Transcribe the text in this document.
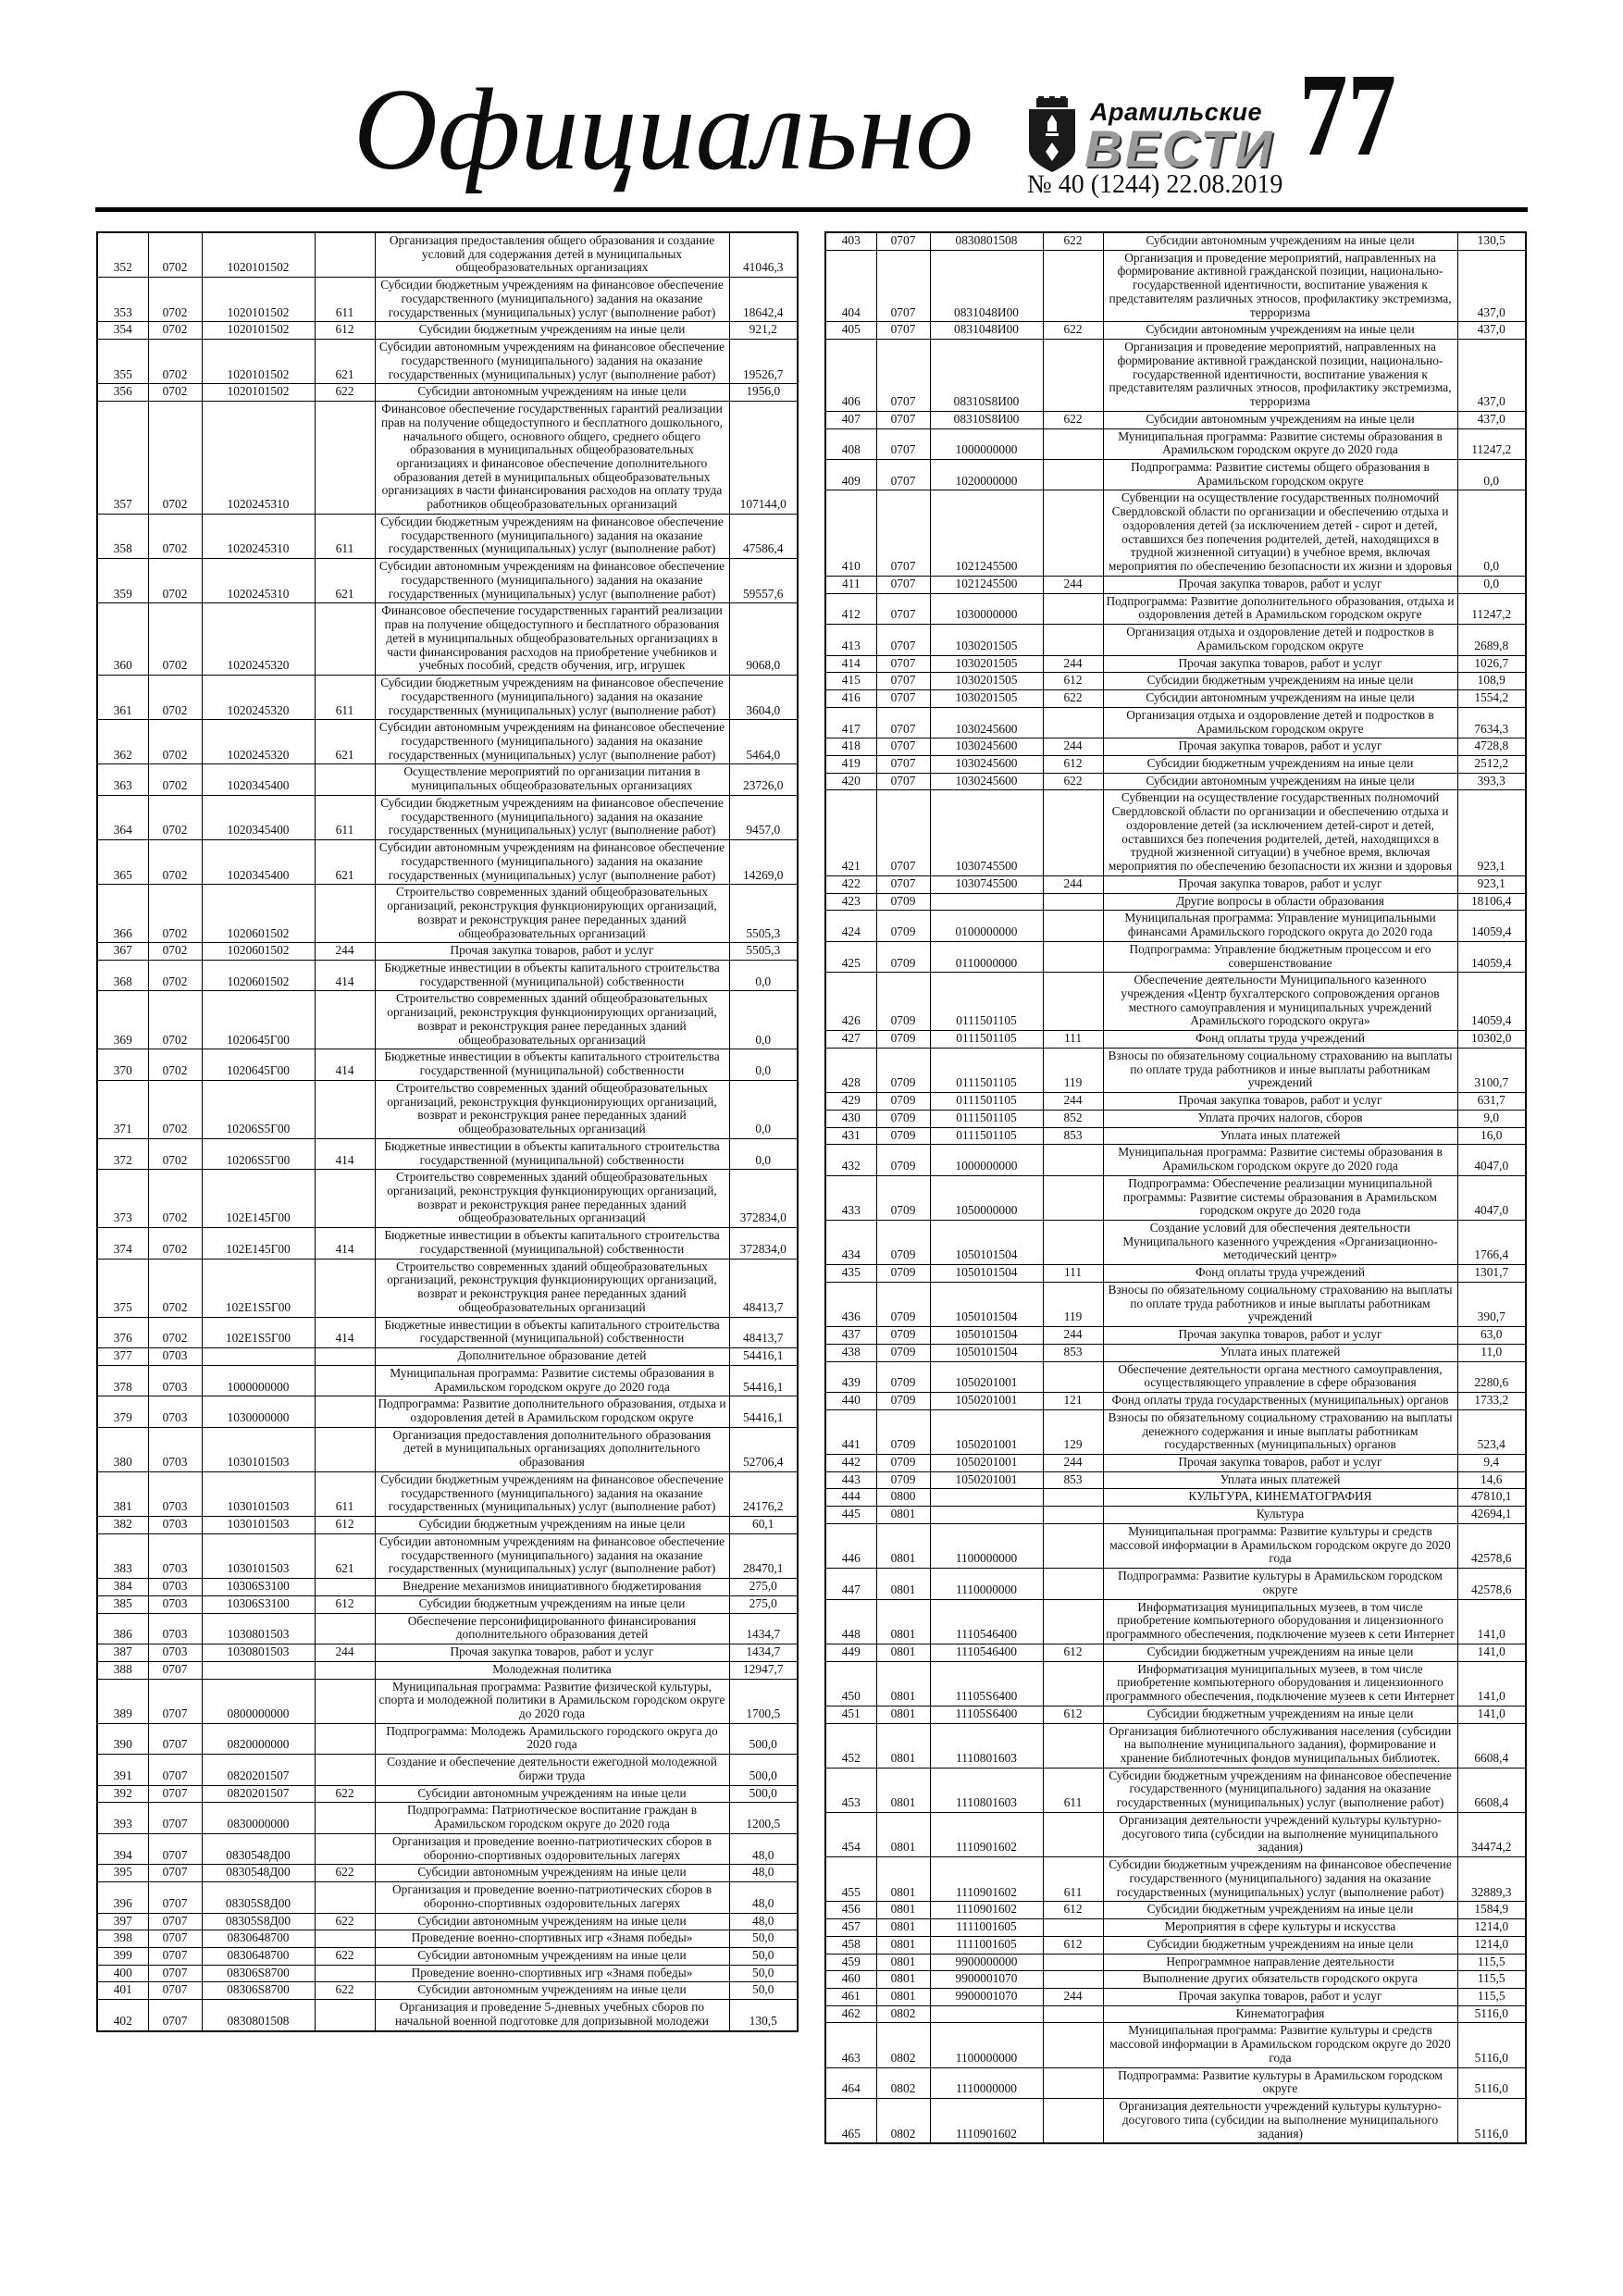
Официально	Арамильские
ВЕСТИ 77
№ 40 (1244) 22.08.2019
352	0702	1020101502		Организация предоставления общего образования и создание условий для содержания детей в муниципальных общеобразовательных организациях	41046,3
353	0702	1020101502	611	Субсидии бюджетным учреждениям на финансовое обеспечение государственного (муниципального) задания на оказание государственных (муниципальных) услуг (выполнение работ)	18642,4
354	0702	1020101502	612	Субсидии бюджетным учреждениям на иные цели	921,2
355	0702	1020101502	621	Субсидии автономным учреждениям на финансовое обеспечение государственного (муниципального) задания на оказание государственных (муниципальных) услуг (выполнение работ)	19526,7
356	0702	1020101502	622	Субсидии автономным учреждениям на иные цели	1956,0
357	0702	1020245310		Финансовое обеспечение государственных гарантий реализации прав на получение общедоступного и бесплатного дошкольного, начального общего, основного общего, среднего общего образования в муниципальных общеобразовательных организациях и финансовое обеспечение дополнительного образования детей в муниципальных общеобразовательных организациях в части финансирования расходов на оплату труда работников общеобразовательных организаций	107144,0
358	0702	1020245310	611	Субсидии бюджетным учреждениям на финансовое обеспечение государственного (муниципального) задания на оказание государственных (муниципальных) услуг (выполнение работ)	47586,4
359	0702	1020245310	621	Субсидии автономным учреждениям на финансовое обеспечение государственного (муниципального) задания на оказание государственных (муниципальных) услуг (выполнение работ)	59557,6
360	0702	1020245320		Финансовое обеспечение государственных гарантий реализации прав на получение общедоступного и бесплатного образования детей в муниципальных общеобразовательных организациях в части финансирования расходов на приобретение учебников и учебных пособий, средств обучения, игр, игрушек	9068,0
361	0702	1020245320	611	Субсидии бюджетным учреждениям на финансовое обеспечение государственного (муниципального) задания на оказание государственных (муниципальных) услуг (выполнение работ)	3604,0
362	0702	1020245320	621	Субсидии автономным учреждениям на финансовое обеспечение государственного (муниципального) задания на оказание государственных (муниципальных) услуг (выполнение работ)	5464,0
363	0702	1020345400		Осуществление мероприятий по организации питания в муниципальных общеобразовательных организациях	23726,0
364	0702	1020345400	611	Субсидии бюджетным учреждениям на финансовое обеспечение государственного (муниципального) задания на оказание государственных (муниципальных) услуг (выполнение работ)	9457,0
365	0702	1020345400	621	Субсидии автономным учреждениям на финансовое обеспечение государственного (муниципального) задания на оказание государственных (муниципальных) услуг (выполнение работ)	14269,0
366	0702	1020601502		Строительство современных зданий общеобразовательных организаций, реконструкция функционирующих организаций, возврат и реконструкция ранее переданных зданий общеобразовательных организаций	5505,3
367	0702	1020601502	244	Прочая закупка товаров, работ и услуг	5505,3
368	0702	1020601502	414	Бюджетные инвестиции в объекты капитального строительства государственной (муниципальной) собственности	0,0
369	0702	1020645Г00		Строительство современных зданий общеобразовательных организаций, реконструкция функционирующих организаций, возврат и реконструкция ранее переданных зданий общеобразовательных организаций	0,0
370	0702	1020645Г00	414	Бюджетные инвестиции в объекты капитального строительства государственной (муниципальной) собственности	0,0
371	0702	10206S5Г00		Строительство современных зданий общеобразовательных организаций, реконструкция функционирующих организаций, возврат и реконструкция ранее переданных зданий общеобразовательных организаций	0,0
372	0702	10206S5Г00	414	Бюджетные инвестиции в объекты капитального строительства государственной (муниципальной) собственности	0,0
373	0702	102E145Г00		Строительство современных зданий общеобразовательных организаций, реконструкция функционирующих организаций, возврат и реконструкция ранее переданных зданий общеобразовательных организаций	372834,0
374	0702	102E145Г00	414	Бюджетные инвестиции в объекты капитального строительства государственной (муниципальной) собственности	372834,0
375	0702	102E1S5Г00		Строительство современных зданий общеобразовательных организаций, реконструкция функционирующих организаций, возврат и реконструкция ранее переданных зданий общеобразовательных организаций	48413,7
376	0702	102E1S5Г00	414	Бюджетные инвестиции в объекты капитального строительства государственной (муниципальной) собственности	48413,7
377	0703			Дополнительное образование детей	54416,1
378	0703	1000000000		Муниципальная программа: Развитие системы образования в Арамильском городском округе до 2020 года	54416,1
379	0703	1030000000		Подпрограмма: Развитие дополнительного образования, отдыха и оздоровления детей в Арамильском городском округе	54416,1
380	0703	1030101503		Организация предоставления дополнительного образования детей в муниципальных организациях дополнительного образования	52706,4
381	0703	1030101503	611	Субсидии бюджетным учреждениям на финансовое обеспечение государственного (муниципального) задания на оказание государственных (муниципальных) услуг (выполнение работ)	24176,2
382	0703	1030101503	612	Субсидии бюджетным учреждениям на иные цели	60,1
383	0703	1030101503	621	Субсидии автономным учреждениям на финансовое обеспечение государственного (муниципального) задания на оказание государственных (муниципальных) услуг (выполнение работ)	28470,1
384	0703	10306S3100		Внедрение механизмов инициативного бюджетирования	275,0
385	0703	10306S3100	612	Субсидии бюджетным учреждениям на иные цели	275,0
386	0703	1030801503		Обеспечение персонифицированного финансирования дополнительного образования детей	1434,7
387	0703	1030801503	244	Прочая закупка товаров, работ и услуг	1434,7
388	0707			Молодежная политика	12947,7
389	0707	0800000000		Муниципальная программа: Развитие физической культуры, спорта и молодежной политики в Арамильском городском округе до 2020 года	1700,5
390	0707	0820000000		Подпрограмма: Молодежь Арамильского городского округа до 2020 года	500,0
391	0707	0820201507		Создание и обеспечение деятельности ежегодной молодежной биржи труда	500,0
392	0707	0820201507	622	Субсидии автономным учреждениям на иные цели	500,0
393	0707	0830000000		Подпрограмма: Патриотическое воспитание граждан в Арамильском городском округе до 2020 года	1200,5
394	0707	0830548Д00		Организация и проведение военно-патриотических сборов в оборонно-спортивных оздоровительных лагерях	48,0
395	0707	0830548Д00	622	Субсидии автономным учреждениям на иные цели	48,0
396	0707	08305S8Д00		Организация и проведение военно-патриотических сборов в оборонно-спортивных оздоровительных лагерях	48,0
397	0707	08305S8Д00	622	Субсидии автономным учреждениям на иные цели	48,0
398	0707	0830648700		Проведение военно-спортивных игр «Знамя победы»	50,0
399	0707	0830648700	622	Субсидии автономным учреждениям на иные цели	50,0
400	0707	08306S8700		Проведение военно-спортивных игр «Знамя победы»	50,0
401	0707	08306S8700	622	Субсидии автономным учреждениям на иные цели	50,0
402	0707	0830801508		Организация и проведение 5-дневных учебных сборов по начальной военной подготовке для допризывной молодежи	130,5
403	0707	0830801508	622	Субсидии автономным учреждениям на иные цели	130,5
404	0707	0831048И00		Организация и проведение мероприятий, направленных на формирование активной гражданской позиции, национально-государственной идентичности, воспитание уважения к представителям различных этносов, профилактику экстремизма, терроризма	437,0
405	0707	0831048И00	622	Субсидии автономным учреждениям на иные цели	437,0
406	0707	08310S8И00		Организация и проведение мероприятий, направленных на формирование активной гражданской позиции, национально-государственной идентичности, воспитание уважения к представителям различных этносов, профилактику экстремизма, терроризма	437,0
407	0707	08310S8И00	622	Субсидии автономным учреждениям на иные цели	437,0
408	0707	1000000000		Муниципальная программа: Развитие системы образования в Арамильском городском округе до 2020 года	11247,2
409	0707	1020000000		Подпрограмма: Развитие системы общего образования в Арамильском городском округе	0,0
410	0707	1021245500		Субвенции на осуществление государственных полномочий Свердловской области по организации и обеспечению отдыха и оздоровления детей (за исключением детей - сирот и детей, оставшихся без попечения родителей, детей, находящихся в трудной жизненной ситуации) в учебное время, включая мероприятия по обеспечению безопасности их жизни и здоровья	0,0
411	0707	1021245500	244	Прочая закупка товаров, работ и услуг	0,0
412	0707	1030000000		Подпрограмма: Развитие дополнительного образования, отдыха и оздоровления детей в Арамильском городском округе	11247,2
413	0707	1030201505		Организация отдыха и оздоровление детей и подростков в Арамильском городском округе	2689,8
414	0707	1030201505	244	Прочая закупка товаров, работ и услуг	1026,7
415	0707	1030201505	612	Субсидии бюджетным учреждениям на иные цели	108,9
416	0707	1030201505	622	Субсидии автономным учреждениям на иные цели	1554,2
417	0707	1030245600		Организация отдыха и оздоровление детей и подростков в Арамильском городском округе	7634,3
418	0707	1030245600	244	Прочая закупка товаров, работ и услуг	4728,8
419	0707	1030245600	612	Субсидии бюджетным учреждениям на иные цели	2512,2
420	0707	1030245600	622	Субсидии автономным учреждениям на иные цели	393,3
421	0707	1030745500		Субвенции на осуществление государственных полномочий Свердловской области по организации и обеспечению отдыха и оздоровление детей (за исключением детей-сирот и детей, оставшихся без попечения родителей, детей, находящихся в трудной жизненной ситуации) в учебное время, включая мероприятия по обеспечению безопасности их жизни и здоровья	923,1
422	0707	1030745500	244	Прочая закупка товаров, работ и услуг	923,1
423	0709			Другие вопросы в области образования	18106,4
424	0709	0100000000		Муниципальная программа: Управление муниципальными финансами Арамильского городского округа до 2020 года	14059,4
425	0709	0110000000		Подпрограмма: Управление бюджетным процессом и его совершенствование	14059,4
426	0709	0111501105		Обеспечение деятельности Муниципального казенного учреждения «Центр бухгалтерского сопровождения органов местного самоуправления и муниципальных учреждений Арамильского городского округа»	14059,4
427	0709	0111501105	111	Фонд оплаты труда учреждений	10302,0
428	0709	0111501105	119	Взносы по обязательному социальному страхованию на выплаты по оплате труда работников и иные выплаты работникам учреждений	3100,7
429	0709	0111501105	244	Прочая закупка товаров, работ и услуг	631,7
430	0709	0111501105	852	Уплата прочих налогов, сборов	9,0
431	0709	0111501105	853	Уплата иных платежей	16,0
432	0709	1000000000		Муниципальная программа: Развитие системы образования в Арамильском городском округе до 2020 года	4047,0
433	0709	1050000000		Подпрограмма: Обеспечение реализации муниципальной программы: Развитие системы образования в Арамильском городском округе до 2020 года	4047,0
434	0709	1050101504		Создание условий для обеспечения деятельности Муниципального казенного учреждения «Организационно-методический центр»	1766,4
435	0709	1050101504	111	Фонд оплаты труда учреждений	1301,7
436	0709	1050101504	119	Взносы по обязательному социальному страхованию на выплаты по оплате труда работников и иные выплаты работникам учреждений	390,7
437	0709	1050101504	244	Прочая закупка товаров, работ и услуг	63,0
438	0709	1050101504	853	Уплата иных платежей	11,0
439	0709	1050201001		Обеспечение деятельности органа местного самоуправления, осуществляющего управление в сфере образования	2280,6
440	0709	1050201001	121	Фонд оплаты труда государственных (муниципальных) органов	1733,2
441	0709	1050201001	129	Взносы по обязательному социальному страхованию на выплаты денежного содержания и иные выплаты работникам государственных (муниципальных) органов	523,4
442	0709	1050201001	244	Прочая закупка товаров, работ и услуг	9,4
443	0709	1050201001	853	Уплата иных платежей	14,6
444	0800			КУЛЬТУРА, КИНЕМАТОГРАФИЯ	47810,1
445	0801			Культура	42694,1
446	0801	1100000000		Муниципальная программа: Развитие культуры и средств массовой информации в Арамильском городском округе до 2020 года	42578,6
447	0801	1110000000		Подпрограмма: Развитие культуры в Арамильском городском округе	42578,6
448	0801	1110546400		Информатизация муниципальных музеев, в том числе приобретение компьютерного оборудования и лицензионного программного обеспечения, подключение музеев к сети Интернет	141,0
449	0801	1110546400	612	Субсидии бюджетным учреждениям на иные цели	141,0
450	0801	11105S6400		Информатизация муниципальных музеев, в том числе приобретение компьютерного оборудования и лицензионного программного обеспечения, подключение музеев к сети Интернет	141,0
451	0801	11105S6400	612	Субсидии бюджетным учреждениям на иные цели	141,0
452	0801	1110801603		Организация библиотечного обслуживания населения (субсидии на выполнение муниципального задания), формирование и хранение библиотечных фондов муниципальных библиотек.	6608,4
453	0801	1110801603	611	Субсидии бюджетным учреждениям на финансовое обеспечение государственного (муниципального) задания на оказание государственных (муниципальных) услуг (выполнение работ)	6608,4
454	0801	1110901602		Организация деятельности учреждений культуры культурно-досугового типа (субсидии на выполнение муниципального задания)	34474,2
455	0801	1110901602	611	Субсидии бюджетным учреждениям на финансовое обеспечение государственного (муниципального) задания на оказание государственных (муниципальных) услуг (выполнение работ)	32889,3
456	0801	1110901602	612	Субсидии бюджетным учреждениям на иные цели	1584,9
457	0801	1111001605		Мероприятия в сфере культуры и искусства	1214,0
458	0801	1111001605	612	Субсидии бюджетным учреждениям на иные цели	1214,0
459	0801	9900000000		Непрограммное направление деятельности	115,5
460	0801	9900001070		Выполнение других обязательств городского округа	115,5
461	0801	9900001070	244	Прочая закупка товаров, работ и услуг	115,5
462	0802			Кинематография	5116,0
463	0802	1100000000		Муниципальная программа: Развитие культуры и средств массовой информации в Арамильском городском округе до 2020 года	5116,0
464	0802	1110000000		Подпрограмма: Развитие культуры в Арамильском городском округе	5116,0
465	0802	1110901602		Организация деятельности учреждений культуры культурно-досугового типа (субсидии на выполнение муниципального задания)	5116,0
